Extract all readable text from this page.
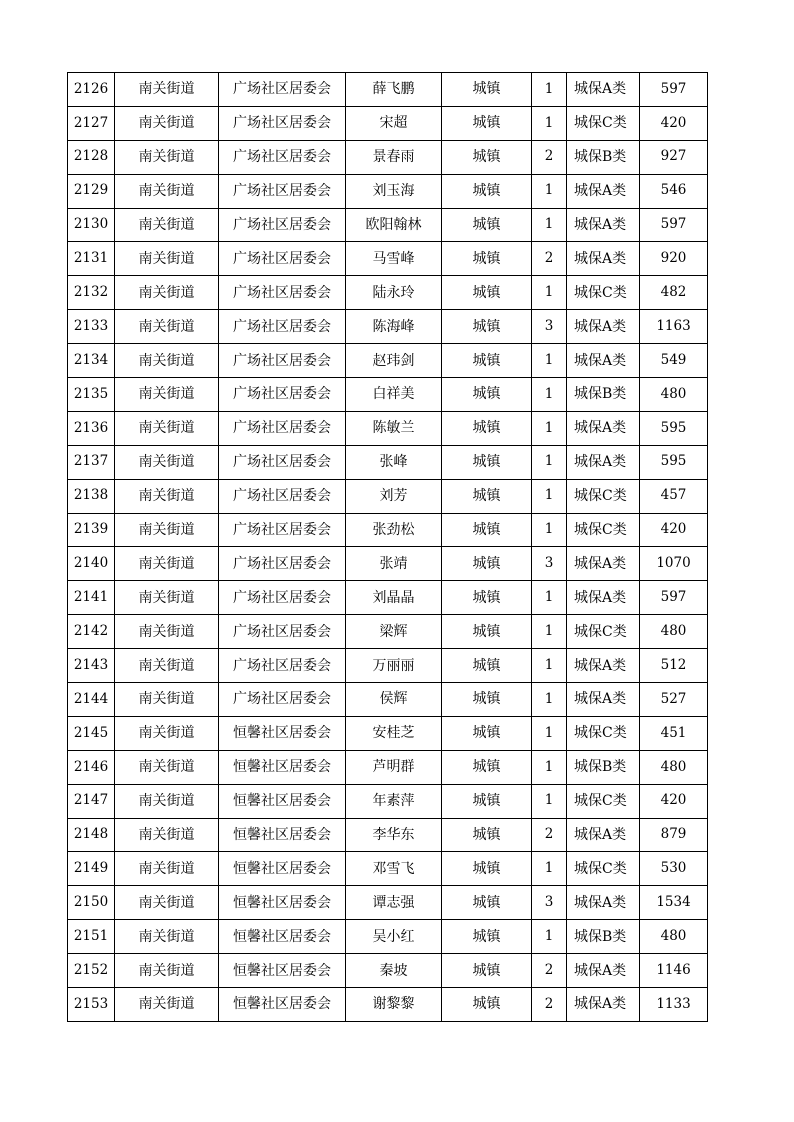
2126	南关街道	广场社区居委会	薛飞鹏	城镇	1	城保A类	597
2127	南关街道	广场社区居委会	宋超	城镇	1	城保C类	420
2128	南关街道	广场社区居委会	景春雨	城镇	2	城保B类	927
2129	南关街道	广场社区居委会	刘玉海	城镇	1	城保A类	546
2130	南关街道	广场社区居委会	欧阳翰林	城镇	1	城保A类	597
2131	南关街道	广场社区居委会	马雪峰	城镇	2	城保A类	920
2132	南关街道	广场社区居委会	陆永玲	城镇	1	城保C类	482
2133	南关街道	广场社区居委会	陈海峰	城镇	3	城保A类	1163
2134	南关街道	广场社区居委会	赵玮剑	城镇	1	城保A类	549
2135	南关街道	广场社区居委会	白祥美	城镇	1	城保B类	480
2136	南关街道	广场社区居委会	陈敏兰	城镇	1	城保A类	595
2137	南关街道	广场社区居委会	张峰	城镇	1	城保A类	595
2138	南关街道	广场社区居委会	刘芳	城镇	1	城保C类	457
2139	南关街道	广场社区居委会	张劲松	城镇	1	城保C类	420
2140	南关街道	广场社区居委会	张靖	城镇	3	城保A类	1070
2141	南关街道	广场社区居委会	刘晶晶	城镇	1	城保A类	597
2142	南关街道	广场社区居委会	梁辉	城镇	1	城保C类	480
2143	南关街道	广场社区居委会	万丽丽	城镇	1	城保A类	512
2144	南关街道	广场社区居委会	侯辉	城镇	1	城保A类	527
2145	南关街道	恒馨社区居委会	安桂芝	城镇	1	城保C类	451
2146	南关街道	恒馨社区居委会	芦明群	城镇	1	城保B类	480
2147	南关街道	恒馨社区居委会	年素萍	城镇	1	城保C类	420
2148	南关街道	恒馨社区居委会	李华东	城镇	2	城保A类	879
2149	南关街道	恒馨社区居委会	邓雪飞	城镇	1	城保C类	530
2150	南关街道	恒馨社区居委会	谭志强	城镇	3	城保A类	1534
2151	南关街道	恒馨社区居委会	吴小红	城镇	1	城保B类	480
2152	南关街道	恒馨社区居委会	秦坡	城镇	2	城保A类	1146
2153	南关街道	恒馨社区居委会	谢黎黎	城镇	2	城保A类	1133
